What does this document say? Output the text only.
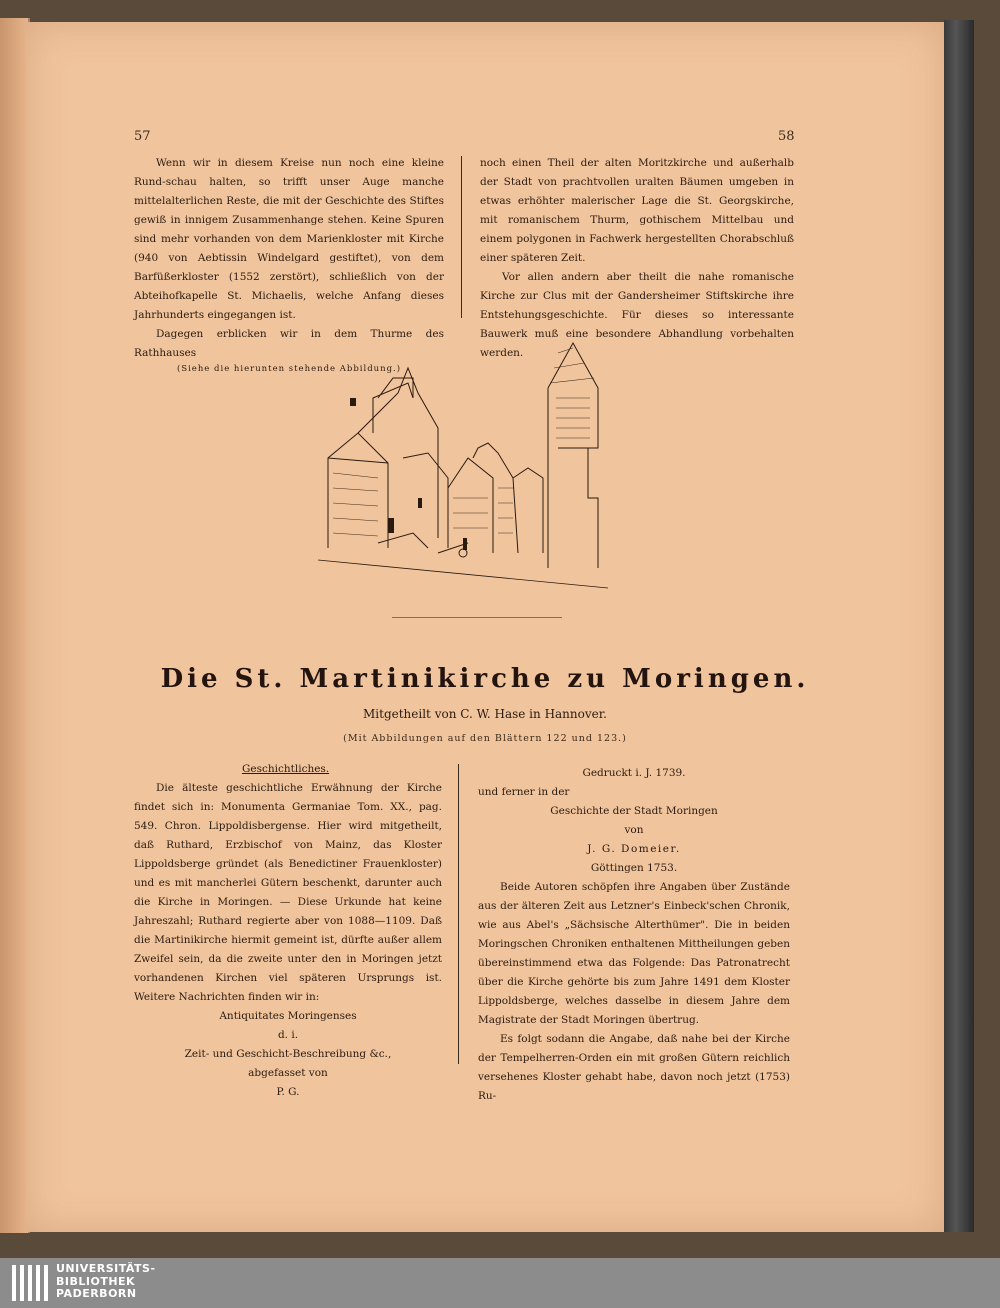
57	58

Wenn wir in diesem Kreise nun noch eine kleine Rund-schau halten, so trifft unser Auge manche mittelalterlichen Reste, die mit der Geschichte des Stiftes gewiß in innigem Zusammenhange stehen. Keine Spuren sind mehr vorhanden von dem Marienkloster mit Kirche (940 von Aebtissin Windelgard gestiftet), von dem Barfüßerkloster (1552 zerstört), schließlich von der Abteihofkapelle St. Michaelis, welche Anfang dieses Jahrhunderts eingegangen ist.

Dagegen erblicken wir in dem Thurme des Rathhauses

(Siehe die hierunten stehende Abbildung.)

noch einen Theil der alten Moritzkirche und außerhalb der Stadt von prachtvollen uralten Bäumen umgeben in etwas erhöhter malerischer Lage die St. Georgskirche, mit romanischem Thurm, gothischem Mittelbau und einem polygonen in Fachwerk hergestellten Chorabschluß einer späteren Zeit.

Vor allen andern aber theilt die nahe romanische Kirche zur Clus mit der Gandersheimer Stiftskirche ihre Entstehungsgeschichte. Für dieses so interessante Bauwerk muß eine besondere Abhandlung vorbehalten werden.

Die St. Martinikirche zu Moringen.
Mitgetheilt von C. W. Hase in Hannover.
(Mit Abbildungen auf den Blättern 122 und 123.)

Geschichtliches.

Die älteste geschichtliche Erwähnung der Kirche findet sich in: Monumenta Germaniae Tom. XX., pag. 549. Chron. Lippoldisbergense. Hier wird mitgetheilt, daß Ruthard, Erzbischof von Mainz, das Kloster Lippoldsberge gründet (als Benedictiner Frauenkloster) und es mit mancherlei Gütern beschenkt, darunter auch die Kirche in Moringen. — Diese Urkunde hat keine Jahreszahl; Ruthard regierte aber von 1088—1109. Daß die Martinikirche hiermit gemeint ist, dürfte außer allem Zweifel sein, da die zweite unter den in Moringen jetzt vorhandenen Kirchen viel späteren Ursprungs ist. Weitere Nachrichten finden wir in:

Antiquitates Moringenses

d. i.

Zeit- und Geschicht-Beschreibung &c.,

abgefasset von

P. G.

Gedruckt i. J. 1739.

und ferner in der

Geschichte der Stadt Moringen

von

J. G. Domeier.

Göttingen 1753.

Beide Autoren schöpfen ihre Angaben über Zustände aus der älteren Zeit aus Letzner's Einbeck'schen Chronik, wie aus Abel's „Sächsische Alterthümer". Die in beiden Moringschen Chroniken enthaltenen Mittheilungen geben übereinstimmend etwa das Folgende: Das Patronatrecht über die Kirche gehörte bis zum Jahre 1491 dem Kloster Lippoldsberge, welches dasselbe in diesem Jahre dem Magistrate der Stadt Moringen übertrug.

Es folgt sodann die Angabe, daß nahe bei der Kirche der Tempelherren-Orden ein mit großen Gütern reichlich versehenes Kloster gehabt habe, davon noch jetzt (1753) Ru-

UNIVERSITÄTS-
BIBLIOTHEK
PADERBORN
